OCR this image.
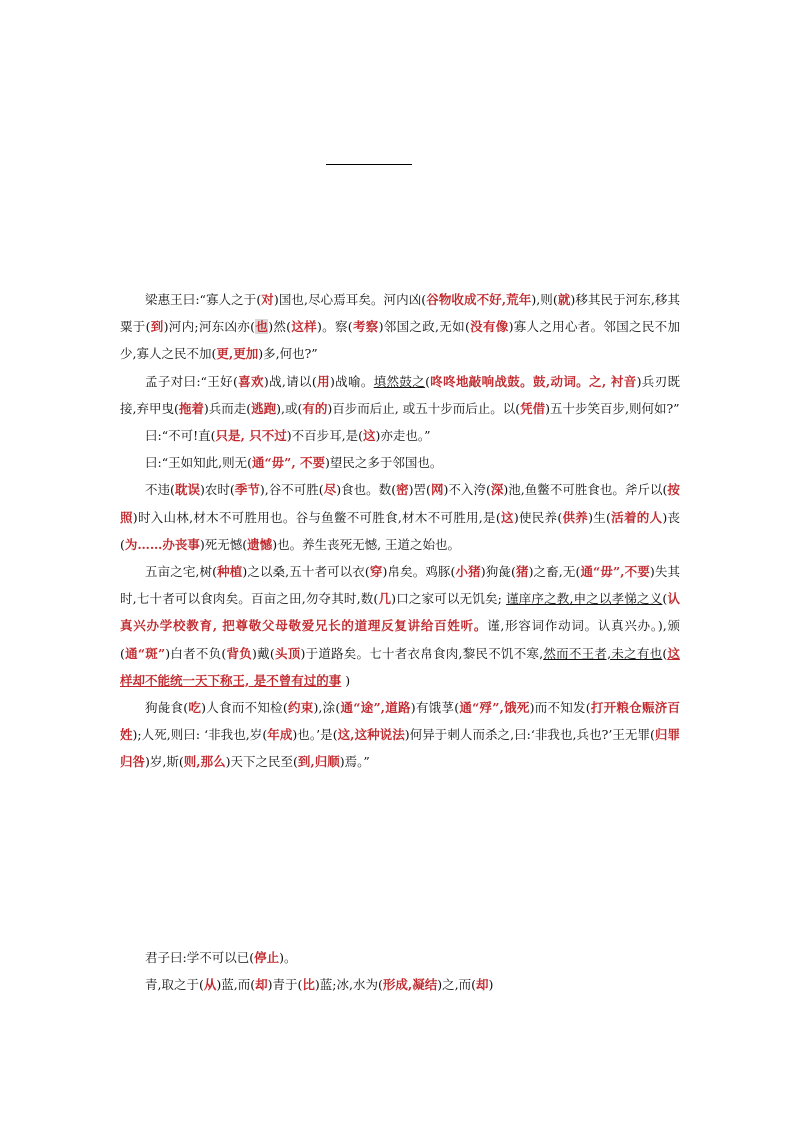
梁惠王曰:“寡人之于(对)国也,尽心焉耳矣。河内凶(谷物收成不好,荒年),则(就)移其民于河东,移其粟于(到)河内;河东凶亦(也)然(这样)。察(考察)邻国之政,无如(没有像)寡人之用心者。邻国之民不加少,寡人之民不加(更,更加)多,何也?”

孟子对曰:“王好(喜欢)战,请以(用)战喻。填然鼓之(咚咚地敲响战鼓。鼓,动词。之, 衬音)兵刃既接,弃甲曳(拖着)兵而走(逃跑),或(有的)百步而后止, 或五十步而后止。以(凭借)五十步笑百步,则何如?”

曰:“不可!直(只是, 只不过)不百步耳,是(这)亦走也。”

曰:“王如知此,则无(通“毋”, 不要)望民之多于邻国也。

不违(耽误)农时(季节),谷不可胜(尽)食也。数(密)罟(网)不入洿(深)池,鱼鳖不可胜食也。斧斤以(按照)时入山林,材木不可胜用也。谷与鱼鳖不可胜食,材木不可胜用,是(这)使民养(供养)生(活着的人)丧(为……办丧事)死无憾(遗憾)也。养生丧死无憾, 王道之始也。

五亩之宅,树(种植)之以桑,五十者可以衣(穿)帛矣。鸡豚(小猪)狗彘(猪)之畜,无(通“毋”,不要)失其时,七十者可以食肉矣。百亩之田,勿夺其时,数(几)口之家可以无饥矣; 谨庠序之教,申之以孝悌之义(认真兴办学校教育, 把尊敬父母敬爱兄长的道理反复讲给百姓听。谨,形容词作动词。认真兴办。),颁(通“斑”)白者不负(背负)戴(头顶)于道路矣。七十者衣帛食肉,黎民不饥不寒,然而不王者,未之有也(这样却不能统一天下称王, 是不曾有过的事 )

狗彘食(吃)人食而不知检(约束),涂(通“途”,道路)有饿莩(通“殍”,饿死)而不知发(打开粮仓赈济百姓);人死,则曰: ‘非我也,岁(年成)也。’是(这,这种说法)何异于刺人而杀之,曰:‘非我也,兵也?’王无罪(归罪归咎)岁,斯(则,那么)天下之民至(到,归顺)焉。”

君子曰:学不可以已(停止)。

青,取之于(从)蓝,而(却)青于(比)蓝;冰,水为(形成,凝结)之,而(却)
